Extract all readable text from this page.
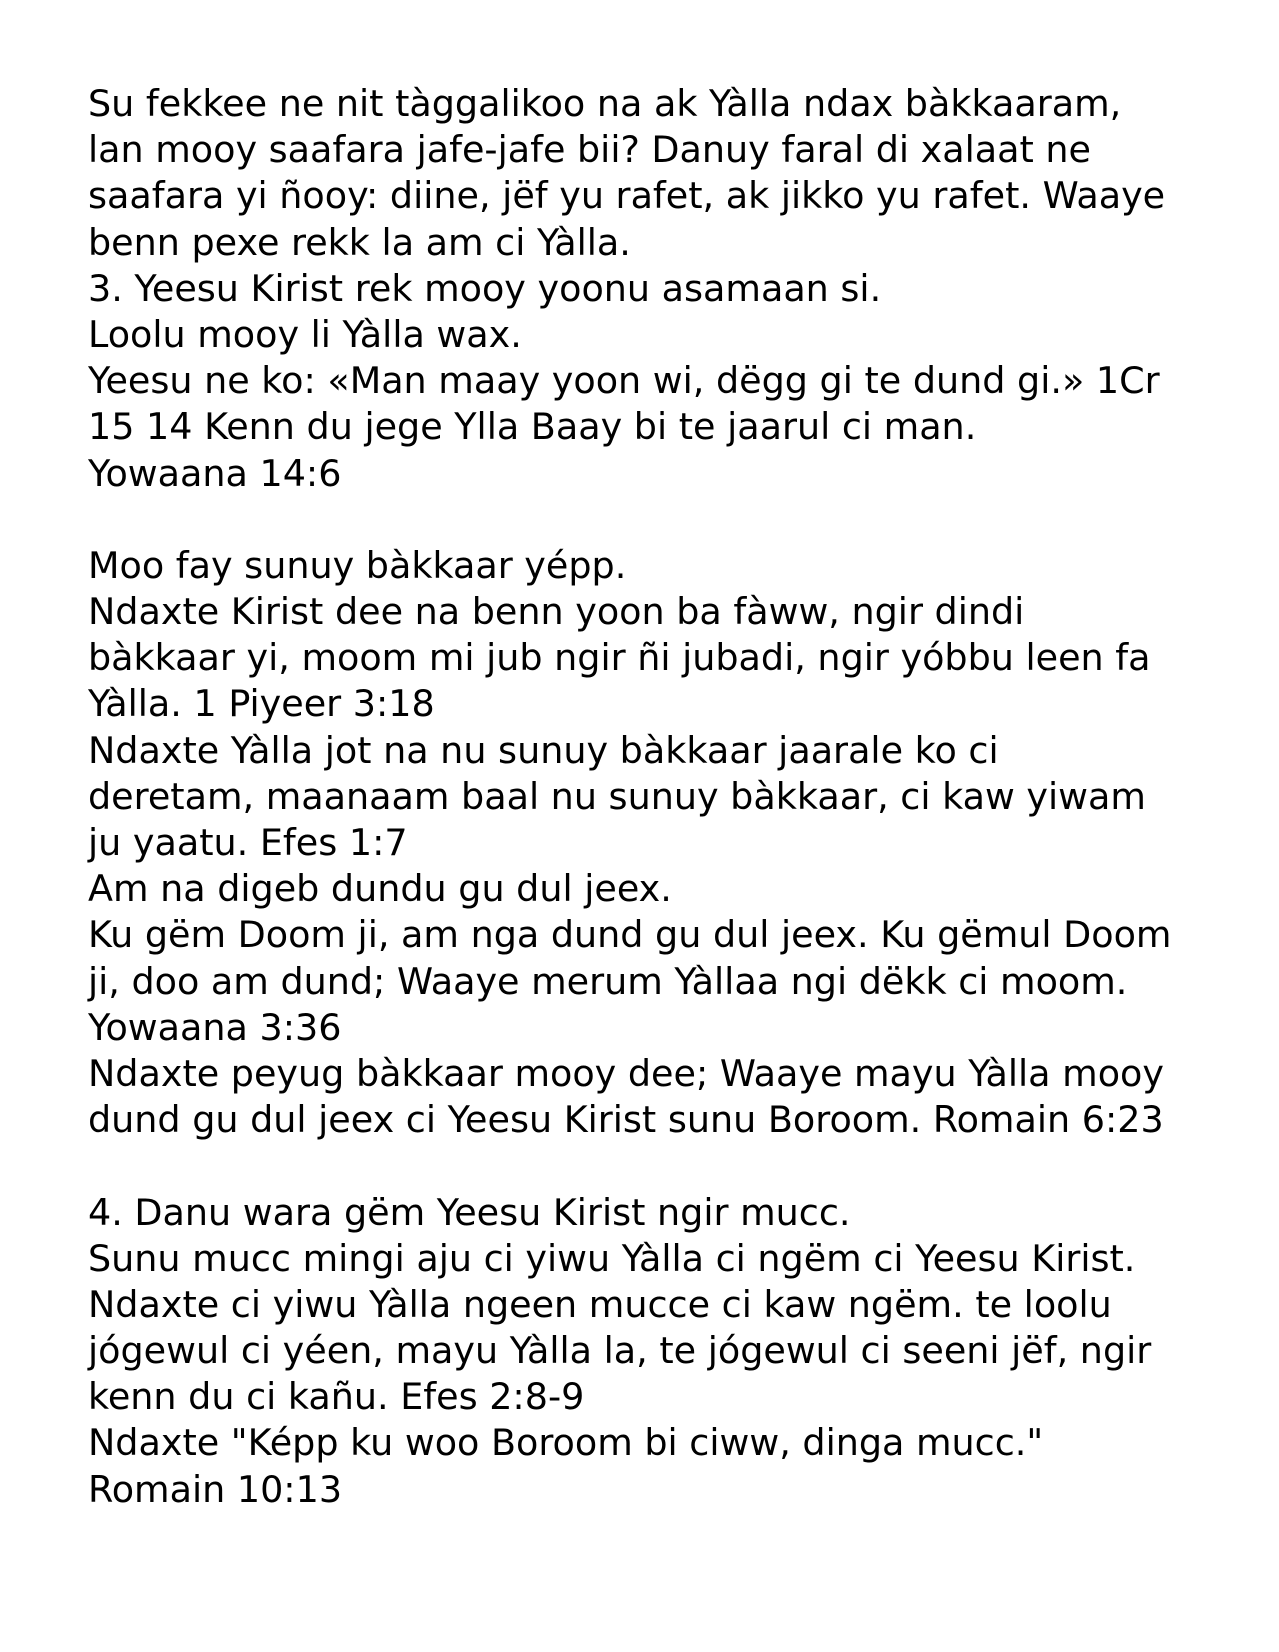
Su fekkee ne nit tàggalikoo na ak Yàlla ndax bàkkaaram,
lan mooy saafara jafe-jafe bii? Danuy faral di xalaat ne
saafara yi ñooy: diine, jëf yu rafet, ak jikko yu rafet. Waaye
benn pexe rekk la am ci Yàlla.
3. Yeesu Kirist rek mooy yoonu asamaan si.
Loolu mooy li Yàlla wax.
Yeesu ne ko: «Man maay yoon wi, dëgg gi te dund gi.» 1Cr
15 14 Kenn du jege Ylla Baay bi te jaarul ci man.
Yowaana 14:6
Moo fay sunuy bàkkaar yépp.
Ndaxte Kirist dee na benn yoon ba fàww, ngir dindi
bàkkaar yi, moom mi jub ngir ñi jubadi, ngir yóbbu leen fa
Yàlla. 1 Piyeer 3:18
Ndaxte Yàlla jot na nu sunuy bàkkaar jaarale ko ci
deretam, maanaam baal nu sunuy bàkkaar, ci kaw yiwam
ju yaatu. Efes 1:7
Am na digeb dundu gu dul jeex.
Ku gëm Doom ji, am nga dund gu dul jeex. Ku gëmul Doom
ji, doo am dund; Waaye merum Yàllaa ngi dëkk ci moom.
Yowaana 3:36
Ndaxte peyug bàkkaar mooy dee; Waaye mayu Yàlla mooy
dund gu dul jeex ci Yeesu Kirist sunu Boroom. Romain 6:23
4. Danu wara gëm Yeesu Kirist ngir mucc.
Sunu mucc mingi aju ci yiwu Yàlla ci ngëm ci Yeesu Kirist.
Ndaxte ci yiwu Yàlla ngeen mucce ci kaw ngëm. te loolu
jógewul ci yéen, mayu Yàlla la, te jógewul ci seeni jëf, ngir
kenn du ci kañu. Efes 2:8-9
Ndaxte "Képp ku woo Boroom bi ciww, dinga mucc."
Romain 10:13
